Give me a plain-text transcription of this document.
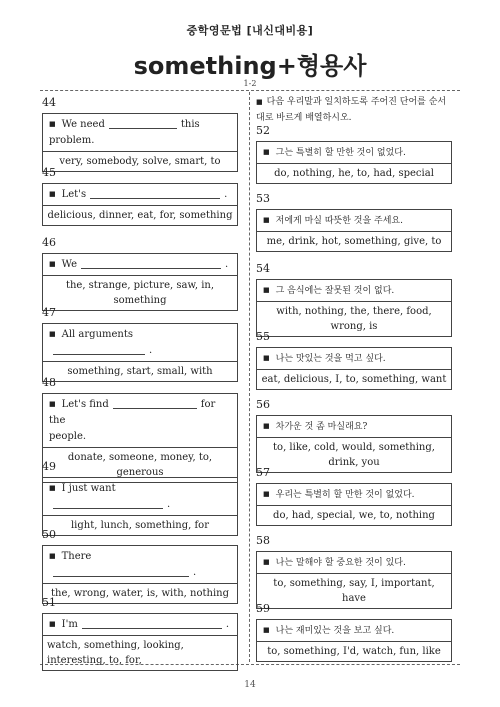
중학영문법 [내신대비용]
something+형용사
1-2
44
■ We need	this problem.
very, somebody, solve, smart, to
45
■ Let's	.
delicious, dinner, eat, for, something
46
■ We	.
the, strange, picture, saw, in, something
47
■ All arguments.
something, start, small, with
48
■ Let's find	for the
people.
donate, someone, money, to, generous
49
■ I just want.
light, lunch, something, for
50
■ There.
the, wrong, water, is, with, nothing
51
■ I'm	.
watch, something, looking, interesting, to, for,
■ 다음 우리말과 일치하도록 주어진 단어를 순서대로 바르게 배열하시오.
52
■ 그는 특별히 할 만한 것이 없었다.
do, nothing, he, to, had, special
53
■ 저에게 마실 따뜻한 것을 주세요.
me, drink, hot, something, give, to
54
■ 그 음식에는 잘못된 것이 없다.
with, nothing, the, there, food, wrong, is
55
■ 나는 맛있는 것을 먹고 싶다.
eat, delicious, I, to, something, want
56
■ 차가운 것 좀 마실래요?
to, like, cold, would, something, drink, you
57
■ 우리는 특별히 할 만한 것이 없었다.
do, had, special, we, to, nothing
58
■ 나는 말해야 할 중요한 것이 있다.
to, something, say, I, important, have
59
■ 나는 재미있는 것을 보고 싶다.
to, something, I'd, watch, fun, like
14
